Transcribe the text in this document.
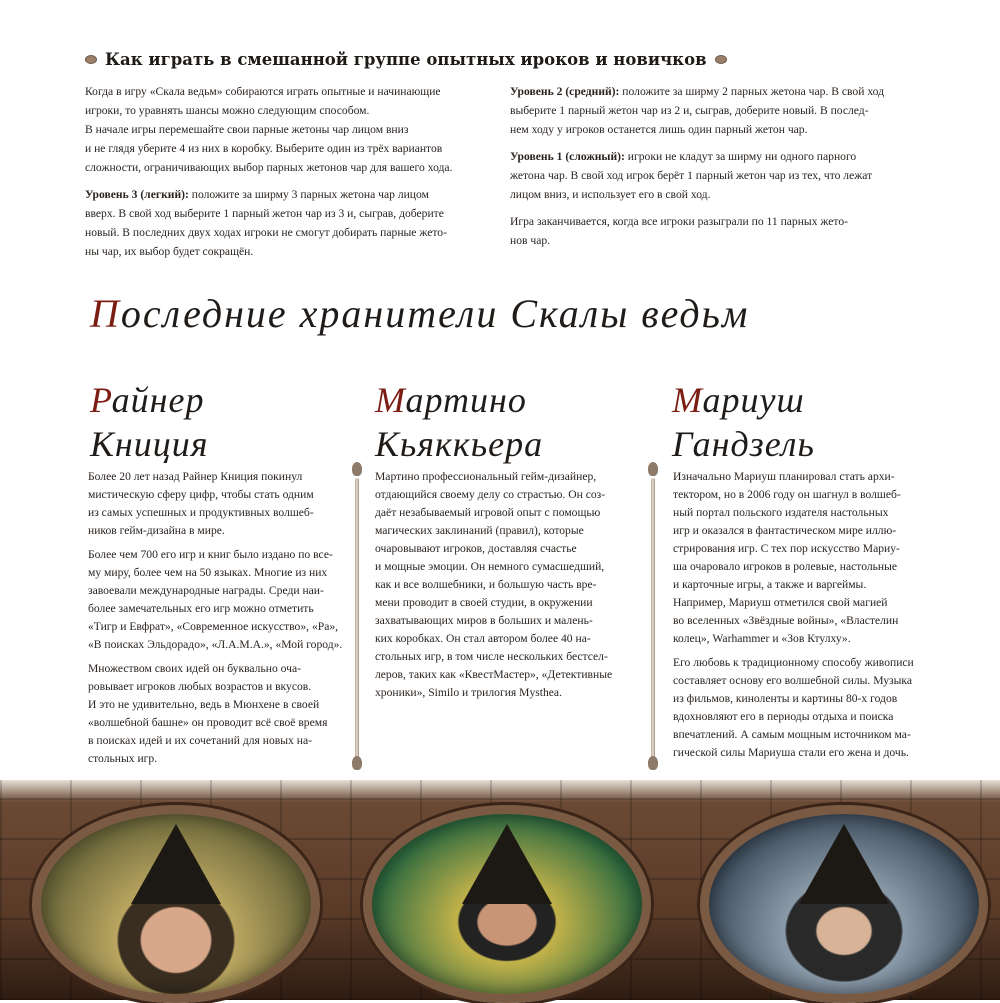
Как играть в смешанной группе опытных ироков и новичков

Когда в игру «Скала ведьм» собираются играть опытные и начинающие
игроки, то уравнять шансы можно следующим способом.
В начале игры перемешайте свои парные жетоны чар лицом вниз
и не глядя уберите 4 из них в коробку. Выберите один из трёх вариантов
сложности, ограничивающих выбор парных жетонов чар для вашего хода.

Уровень 3 (легкий): положите за ширму 3 парных жетона чар лицом
вверх. В свой ход выберите 1 парный жетон чар из 3 и, сыграв, доберите
новый. В последних двух ходах игроки не смогут добирать парные жето-
ны чар, их выбор будет сокращён.

Уровень 2 (средний): положите за ширму 2 парных жетона чар. В свой ход
выберите 1 парный жетон чар из 2 и, сыграв, доберите новый. В послед-
нем ходу у игроков останется лишь один парный жетон чар.

Уровень 1 (сложный): игроки не кладут за ширму ни одного парного
жетона чар. В свой ход игрок берёт 1 парный жетон чар из тех, что лежат
лицом вниз, и использует его в свой ход.

Игра заканчивается, когда все игроки разыграли по 11 парных жето-
нов чар.

Последние хранители Скалы ведьм
Райнер
Книция
Мартино
Кьяккьера
Мариуш
Гандзель

Более 20 лет назад Райнер Книция покинул
мистическую сферу цифр, чтобы стать одним
из самых успешных и продуктивных волшеб-
ников гейм-дизайна в мире.

Более чем 700 его игр и книг было издано по все-
му миру, более чем на 50 языках. Многие из них
завоевали международные награды. Среди наи-
более замечательных его игр можно отметить
«Тигр и Евфрат», «Современное искусство», «Ра»,
«В поисках Эльдорадо», «Л.А.М.А.», «Мой город».

Множеством своих идей он буквально оча-
ровывает игроков любых возрастов и вкусов.
И это не удивительно, ведь в Мюнхене в своей
«волшебной башне» он проводит всё своё время
в поисках идей и их сочетаний для новых на-
стольных игр.

Мартино профессиональный гейм-дизайнер,
отдающийся своему делу со страстью. Он соз-
даёт незабываемый игровой опыт с помощью
магических заклинаний (правил), которые
очаровывают игроков, доставляя счастье
и мощные эмоции. Он немного сумасшедший,
как и все волшебники, и большую часть вре-
мени проводит в своей студии, в окружении
захватывающих миров в больших и малень-
ких коробках. Он стал автором более 40 на-
стольных игр, в том числе нескольких бестсел-
леров, таких как «КвестМастер», «Детективные
хроники», Similo и трилогия Mysthea.

Изначально Мариуш планировал стать архи-
тектором, но в 2006 году он шагнул в волшеб-
ный портал польского издателя настольных
игр и оказался в фантастическом мире иллю-
стрирования игр. С тех пор искусство Мариу-
ша очаровало игроков в ролевые, настольные
и карточные игры, а также и варгеймы.
Например, Мариуш отметился свой магией
во вселенных «Звёздные войны», «Властелин
колец», Warhammer и «Зов Ктулху».

Его любовь к традиционному способу живописи
составляет основу его волшебной силы. Музыка
из фильмов, киноленты и картины 80-х годов
вдохновляют его в периоды отдыха и поиска
впечатлений. А самым мощным источником ма-
гической силы Мариуша стали его жена и дочь.
